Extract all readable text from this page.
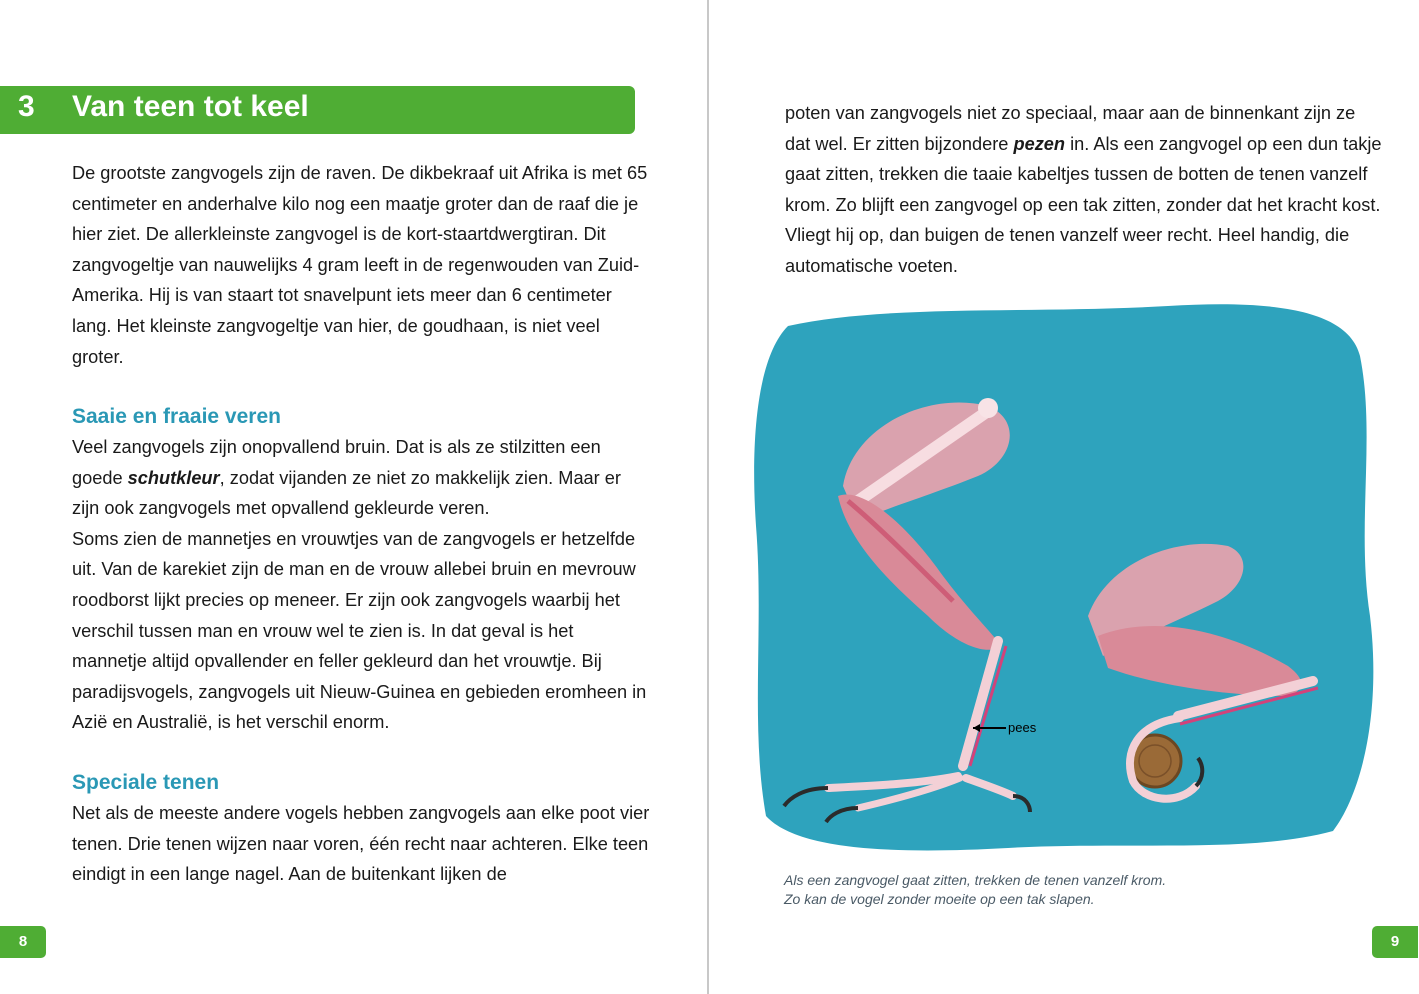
3 Van teen tot keel

De grootste zangvogels zijn de raven. De dikbekraaf uit Afrika is met 65 centimeter en anderhalve kilo nog een maatje groter dan de raaf die je hier ziet. De allerkleinste zangvogel is de kort-staartdwergtiran. Dit zangvogeltje van nauwelijks 4 gram leeft in de regenwouden van Zuid-Amerika. Hij is van staart tot snavelpunt iets meer dan 6 centimeter lang. Het kleinste zangvogeltje van hier, de goudhaan, is niet veel groter.

Saaie en fraaie veren

Veel zangvogels zijn onopvallend bruin. Dat is als ze stilzitten een goede schutkleur, zodat vijanden ze niet zo makkelijk zien. Maar er zijn ook zangvogels met opvallend gekleurde veren.

Soms zien de mannetjes en vrouwtjes van de zangvogels er hetzelfde uit. Van de karekiet zijn de man en de vrouw allebei bruin en mevrouw roodborst lijkt precies op meneer. Er zijn ook zangvogels waarbij het verschil tussen man en vrouw wel te zien is. In dat geval is het mannetje altijd opvallender en feller gekleurd dan het vrouwtje. Bij paradijsvogels, zangvogels uit Nieuw-Guinea en gebieden eromheen in Azië en Australië, is het verschil enorm.

Speciale tenen

Net als de meeste andere vogels hebben zangvogels aan elke poot vier tenen. Drie tenen wijzen naar voren, één recht naar achteren. Elke teen eindigt in een lange nagel. Aan de buitenkant lijken de

poten van zangvogels niet zo speciaal, maar aan de binnenkant zijn ze dat wel. Er zitten bijzondere pezen in. Als een zangvogel op een dun takje gaat zitten, trekken die taaie kabeltjes tussen de botten de tenen vanzelf krom. Zo blijft een zangvogel op een tak zitten, zonder dat het kracht kost. Vliegt hij op, dan buigen de tenen vanzelf weer recht. Heel handig, die automatische voeten.

pees
Als een zangvogel gaat zitten, trekken de tenen vanzelf krom.
Zo kan de vogel zonder moeite op een tak slapen.
8	9
